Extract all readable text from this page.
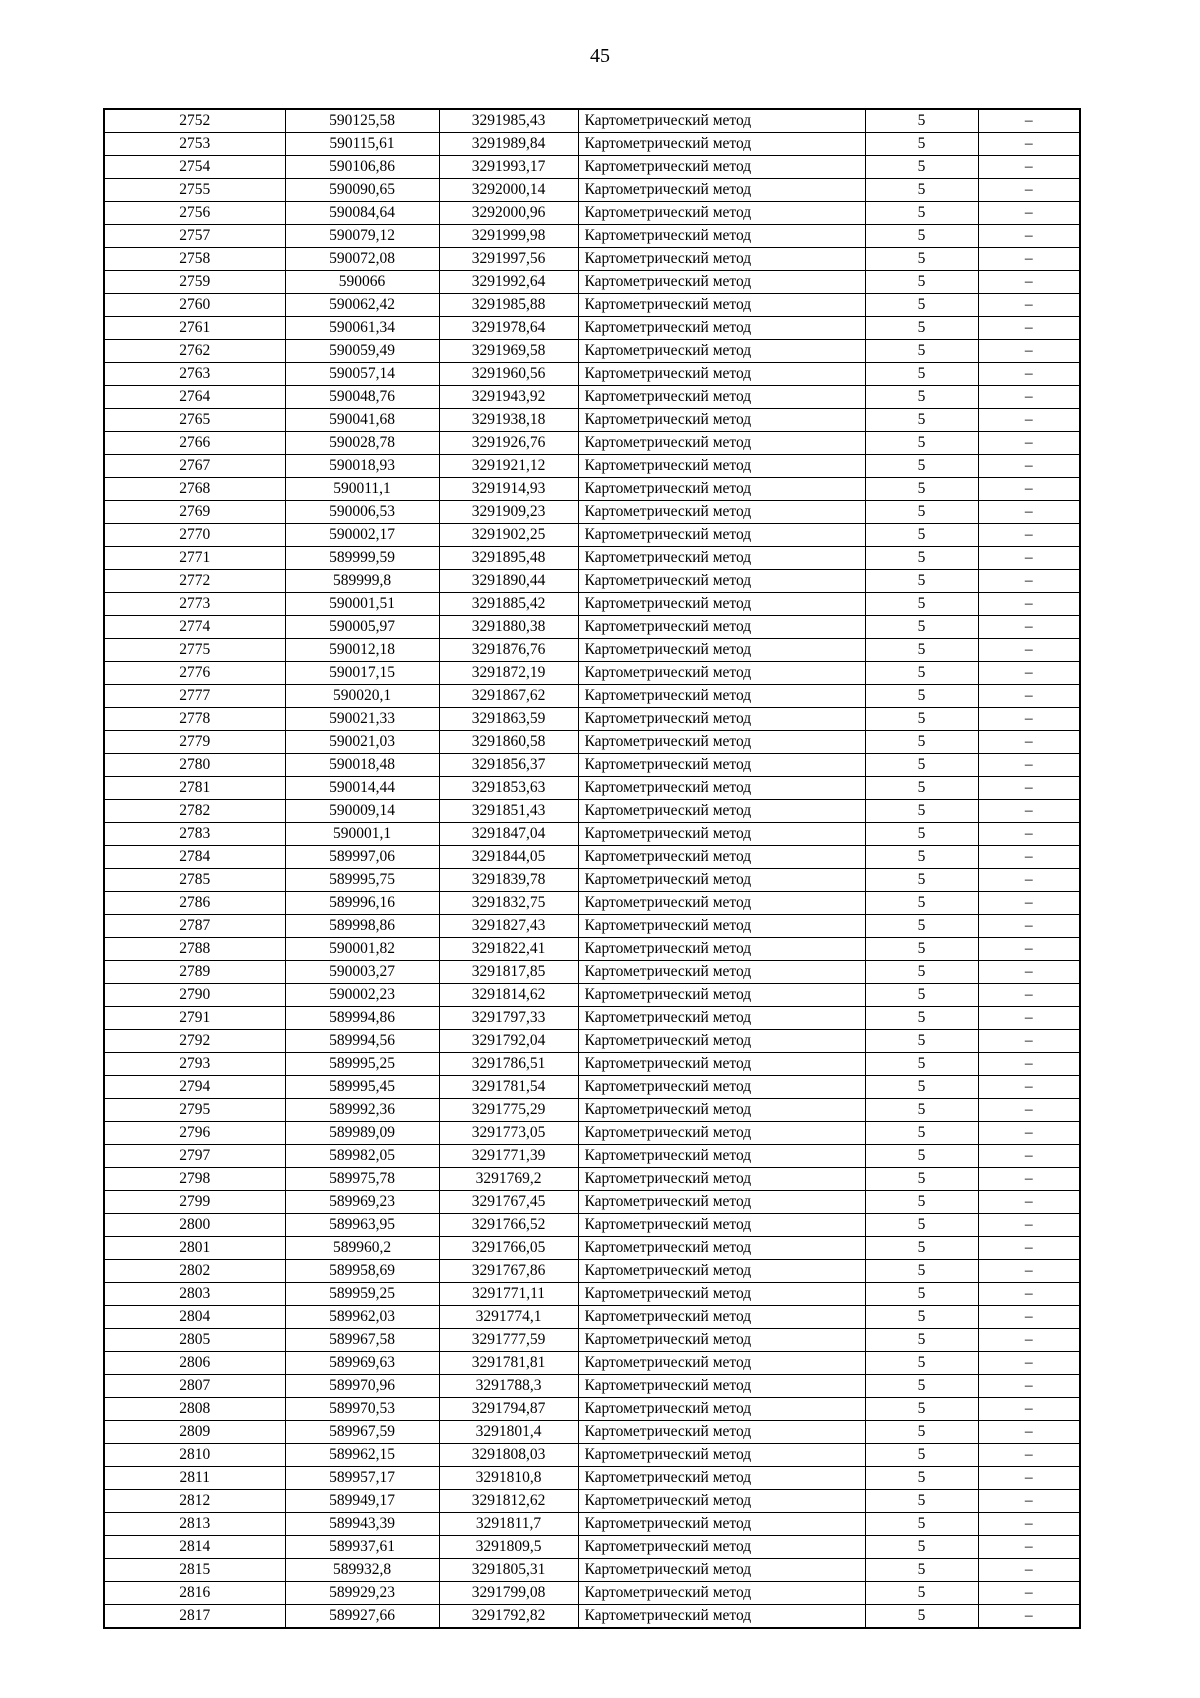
45
2752	590125,58	3291985,43	Картометрический метод	5	–
2753	590115,61	3291989,84	Картометрический метод	5	–
2754	590106,86	3291993,17	Картометрический метод	5	–
2755	590090,65	3292000,14	Картометрический метод	5	–
2756	590084,64	3292000,96	Картометрический метод	5	–
2757	590079,12	3291999,98	Картометрический метод	5	–
2758	590072,08	3291997,56	Картометрический метод	5	–
2759	590066	3291992,64	Картометрический метод	5	–
2760	590062,42	3291985,88	Картометрический метод	5	–
2761	590061,34	3291978,64	Картометрический метод	5	–
2762	590059,49	3291969,58	Картометрический метод	5	–
2763	590057,14	3291960,56	Картометрический метод	5	–
2764	590048,76	3291943,92	Картометрический метод	5	–
2765	590041,68	3291938,18	Картометрический метод	5	–
2766	590028,78	3291926,76	Картометрический метод	5	–
2767	590018,93	3291921,12	Картометрический метод	5	–
2768	590011,1	3291914,93	Картометрический метод	5	–
2769	590006,53	3291909,23	Картометрический метод	5	–
2770	590002,17	3291902,25	Картометрический метод	5	–
2771	589999,59	3291895,48	Картометрический метод	5	–
2772	589999,8	3291890,44	Картометрический метод	5	–
2773	590001,51	3291885,42	Картометрический метод	5	–
2774	590005,97	3291880,38	Картометрический метод	5	–
2775	590012,18	3291876,76	Картометрический метод	5	–
2776	590017,15	3291872,19	Картометрический метод	5	–
2777	590020,1	3291867,62	Картометрический метод	5	–
2778	590021,33	3291863,59	Картометрический метод	5	–
2779	590021,03	3291860,58	Картометрический метод	5	–
2780	590018,48	3291856,37	Картометрический метод	5	–
2781	590014,44	3291853,63	Картометрический метод	5	–
2782	590009,14	3291851,43	Картометрический метод	5	–
2783	590001,1	3291847,04	Картометрический метод	5	–
2784	589997,06	3291844,05	Картометрический метод	5	–
2785	589995,75	3291839,78	Картометрический метод	5	–
2786	589996,16	3291832,75	Картометрический метод	5	–
2787	589998,86	3291827,43	Картометрический метод	5	–
2788	590001,82	3291822,41	Картометрический метод	5	–
2789	590003,27	3291817,85	Картометрический метод	5	–
2790	590002,23	3291814,62	Картометрический метод	5	–
2791	589994,86	3291797,33	Картометрический метод	5	–
2792	589994,56	3291792,04	Картометрический метод	5	–
2793	589995,25	3291786,51	Картометрический метод	5	–
2794	589995,45	3291781,54	Картометрический метод	5	–
2795	589992,36	3291775,29	Картометрический метод	5	–
2796	589989,09	3291773,05	Картометрический метод	5	–
2797	589982,05	3291771,39	Картометрический метод	5	–
2798	589975,78	3291769,2	Картометрический метод	5	–
2799	589969,23	3291767,45	Картометрический метод	5	–
2800	589963,95	3291766,52	Картометрический метод	5	–
2801	589960,2	3291766,05	Картометрический метод	5	–
2802	589958,69	3291767,86	Картометрический метод	5	–
2803	589959,25	3291771,11	Картометрический метод	5	–
2804	589962,03	3291774,1	Картометрический метод	5	–
2805	589967,58	3291777,59	Картометрический метод	5	–
2806	589969,63	3291781,81	Картометрический метод	5	–
2807	589970,96	3291788,3	Картометрический метод	5	–
2808	589970,53	3291794,87	Картометрический метод	5	–
2809	589967,59	3291801,4	Картометрический метод	5	–
2810	589962,15	3291808,03	Картометрический метод	5	–
2811	589957,17	3291810,8	Картометрический метод	5	–
2812	589949,17	3291812,62	Картометрический метод	5	–
2813	589943,39	3291811,7	Картометрический метод	5	–
2814	589937,61	3291809,5	Картометрический метод	5	–
2815	589932,8	3291805,31	Картометрический метод	5	–
2816	589929,23	3291799,08	Картометрический метод	5	–
2817	589927,66	3291792,82	Картометрический метод	5	–
